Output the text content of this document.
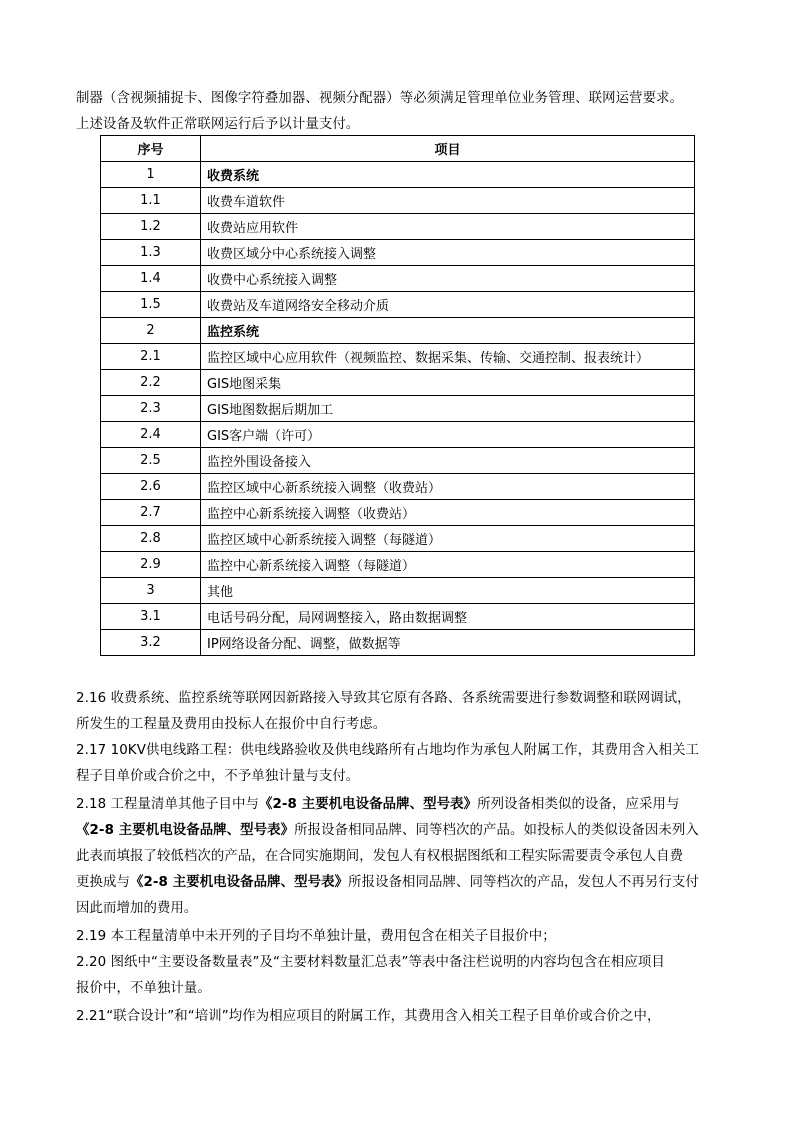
制器（含视频捕捉卡、图像字符叠加器、视频分配器）等必须满足管理单位业务管理、联网运营要求。
上述设备及软件正常联网运行后予以计量支付。
序号	项目
1	收费系统
1.1	收费车道软件
1.2	收费站应用软件
1.3	收费区域分中心系统接入调整
1.4	收费中心系统接入调整
1.5	收费站及车道网络安全移动介质
2	监控系统
2.1	监控区域中心应用软件（视频监控、数据采集、传输、交通控制、报表统计）
2.2	GIS地图采集
2.3	GIS地图数据后期加工
2.4	GIS客户端（许可）
2.5	监控外围设备接入
2.6	监控区域中心新系统接入调整（收费站）
2.7	监控中心新系统接入调整（收费站）
2.8	监控区域中心新系统接入调整（每隧道）
2.9	监控中心新系统接入调整（每隧道）
3	其他
3.1	电话号码分配，局网调整接入，路由数据调整
3.2	IP网络设备分配、调整，做数据等
2.16 收费系统、监控系统等联网因新路接入导致其它原有各路、各系统需要进行参数调整和联网调试，
所发生的工程量及费用由投标人在报价中自行考虑。
2.17 10KV供电线路工程：供电线路验收及供电线路所有占地均作为承包人附属工作，其费用含入相关工
程子目单价或合价之中，不予单独计量与支付。
2.18 工程量清单其他子目中与《2-8 主要机电设备品牌、型号表》所列设备相类似的设备，应采用与
《2-8 主要机电设备品牌、型号表》所报设备相同品牌、同等档次的产品。如投标人的类似设备因未列入
此表而填报了较低档次的产品，在合同实施期间，发包人有权根据图纸和工程实际需要责令承包人自费
更换成与《2-8 主要机电设备品牌、型号表》所报设备相同品牌、同等档次的产品，发包人不再另行支付
因此而增加的费用。
2.19 本工程量清单中未开列的子目均不单独计量，费用包含在相关子目报价中；
2.20 图纸中“主要设备数量表”及“主要材料数量汇总表”等表中备注栏说明的内容均包含在相应项目
报价中，不单独计量。
2.21“联合设计”和“培训”均作为相应项目的附属工作，其费用含入相关工程子目单价或合价之中，
